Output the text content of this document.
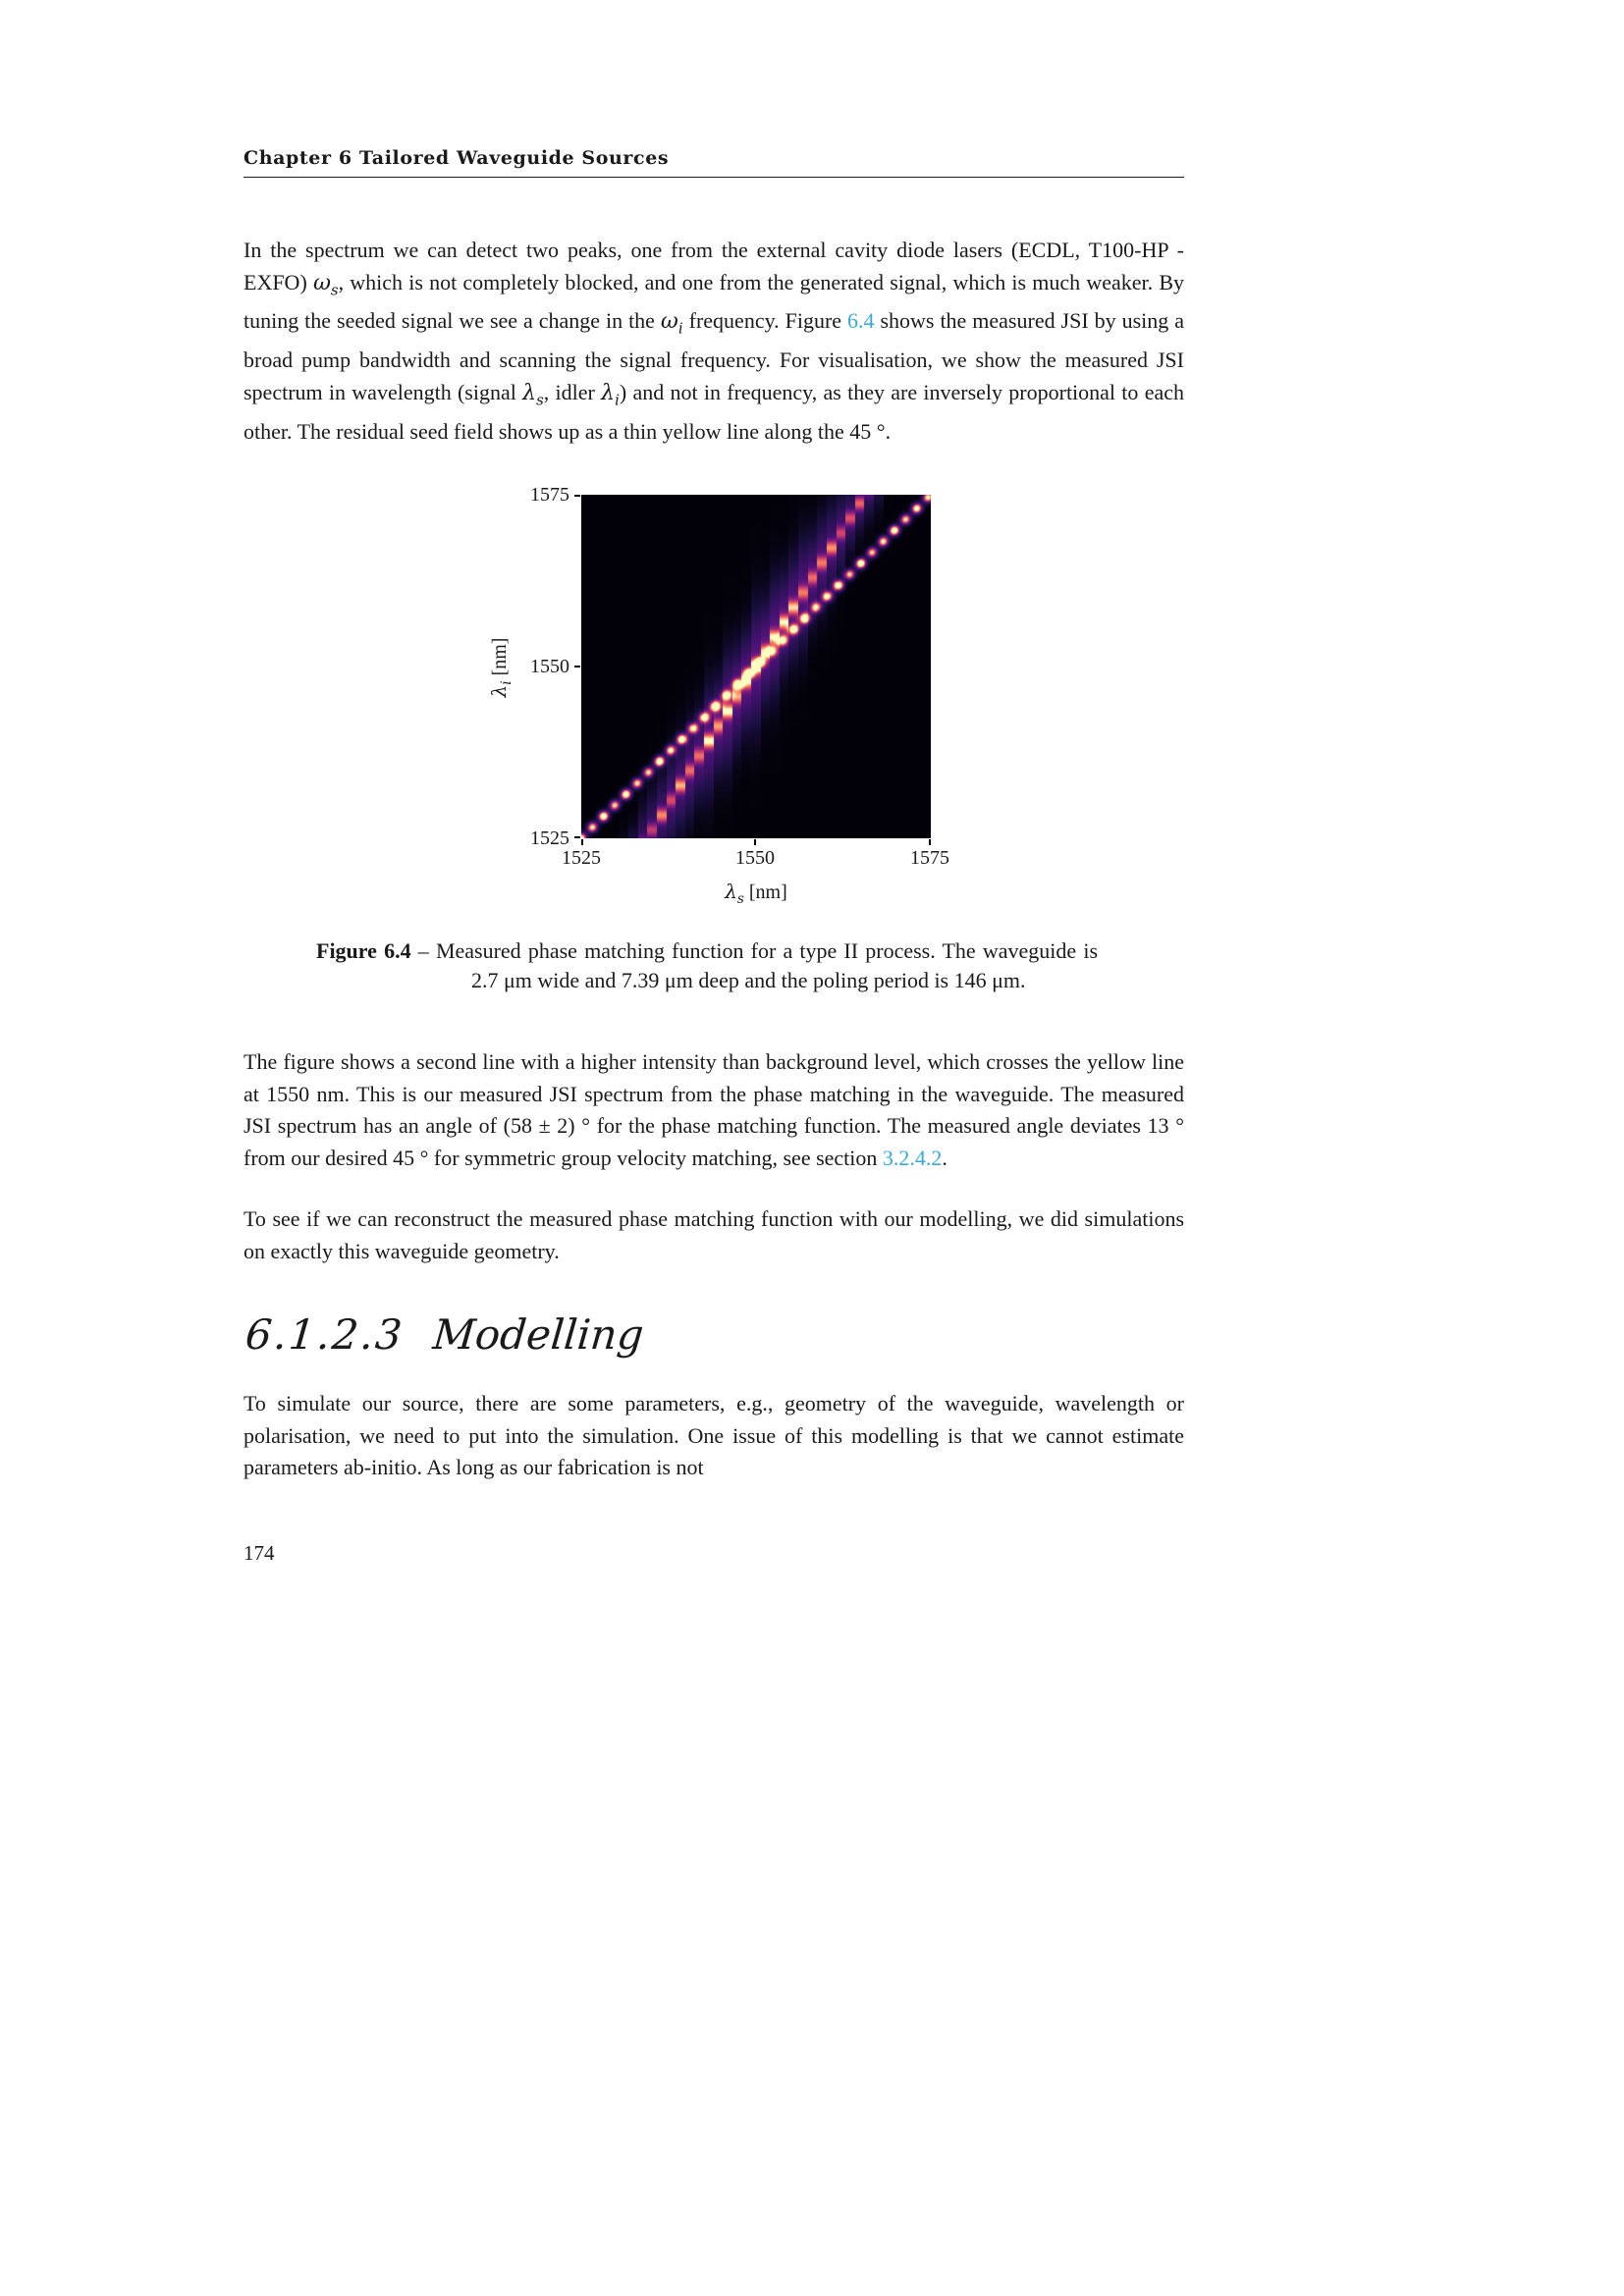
Chapter 6 Tailored Waveguide Sources

In the spectrum we can detect two peaks, one from the external cavity diode lasers (ECDL, T100-HP - EXFO) $\omega_s$, which is not completely blocked, and one from the generated signal, which is much weaker. By tuning the seeded signal we see a change in the $\omega_i$ frequency. Figure 6.4 shows the measured JSI by using a broad pump bandwidth and scanning the signal frequency. For visualisation, we show the measured JSI spectrum in wavelength (signal $\lambda_s$, idler $\lambda_i$) and not in frequency, as they are inversely proportional to each other. The residual seed field shows up as a thin yellow line along the 45 °.

$\lambda_i$ [nm]
1575
1550
1525
1525	1550	1575
$\lambda_s$ [nm]
Figure 6.4 – Measured phase matching function for a type II process. The waveguide is 2.7 μm wide and 7.39 μm deep and the poling period is 146 μm.

The figure shows a second line with a higher intensity than background level, which crosses the yellow line at 1550 nm. This is our measured JSI spectrum from the phase matching in the waveguide. The measured JSI spectrum has an angle of (58 ± 2) ° for the phase matching function. The measured angle deviates 13 ° from our desired 45 ° for symmetric group velocity matching, see section 3.2.4.2.

To see if we can reconstruct the measured phase matching function with our modelling, we did simulations on exactly this waveguide geometry.

6.1.2.3 Modelling

To simulate our source, there are some parameters, e.g., geometry of the waveguide, wavelength or polarisation, we need to put into the simulation. One issue of this modelling is that we cannot estimate parameters ab-initio. As long as our fabrication is not

174
